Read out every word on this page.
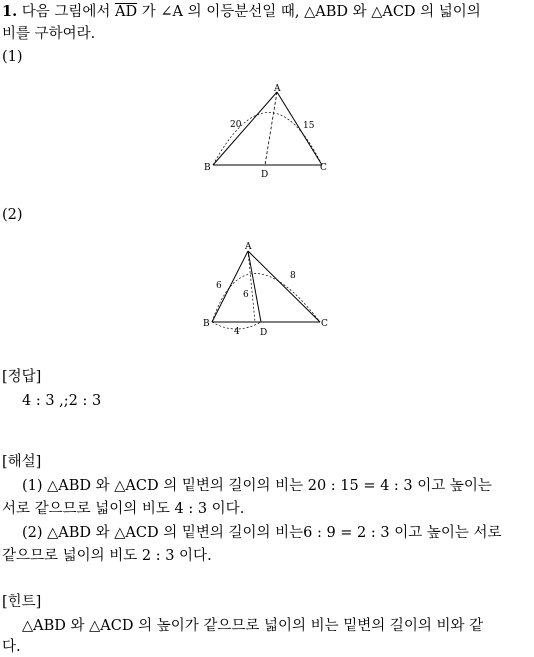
1. 다음 그림에서 $\overline{AD}$ 가 ∠A 의 이등분선일 때, △ABD 와 △ACD 의 넓이의
비를 구하여라.
(1)
A
B	C
D
20	15
A
B	C
D
6
8
6
4
(2)
[정답]
4 : 3 ,;2 : 3
[해설]
(1) △ABD 와 △ACD 의 밑변의 길이의 비는 20 : 15 = 4 : 3 이고 높이는
서로 같으므로 넓이의 비도 4 : 3 이다.
(2) △ABD 와 △ACD 의 밑변의 길이의 비는6 : 9 = 2 : 3 이고 높이는 서로
같으므로 넓이의 비도 2 : 3 이다.
[힌트]
△ABD 와 △ACD 의 높이가 같으므로 넓이의 비는 밑변의 길이의 비와 같
다.
